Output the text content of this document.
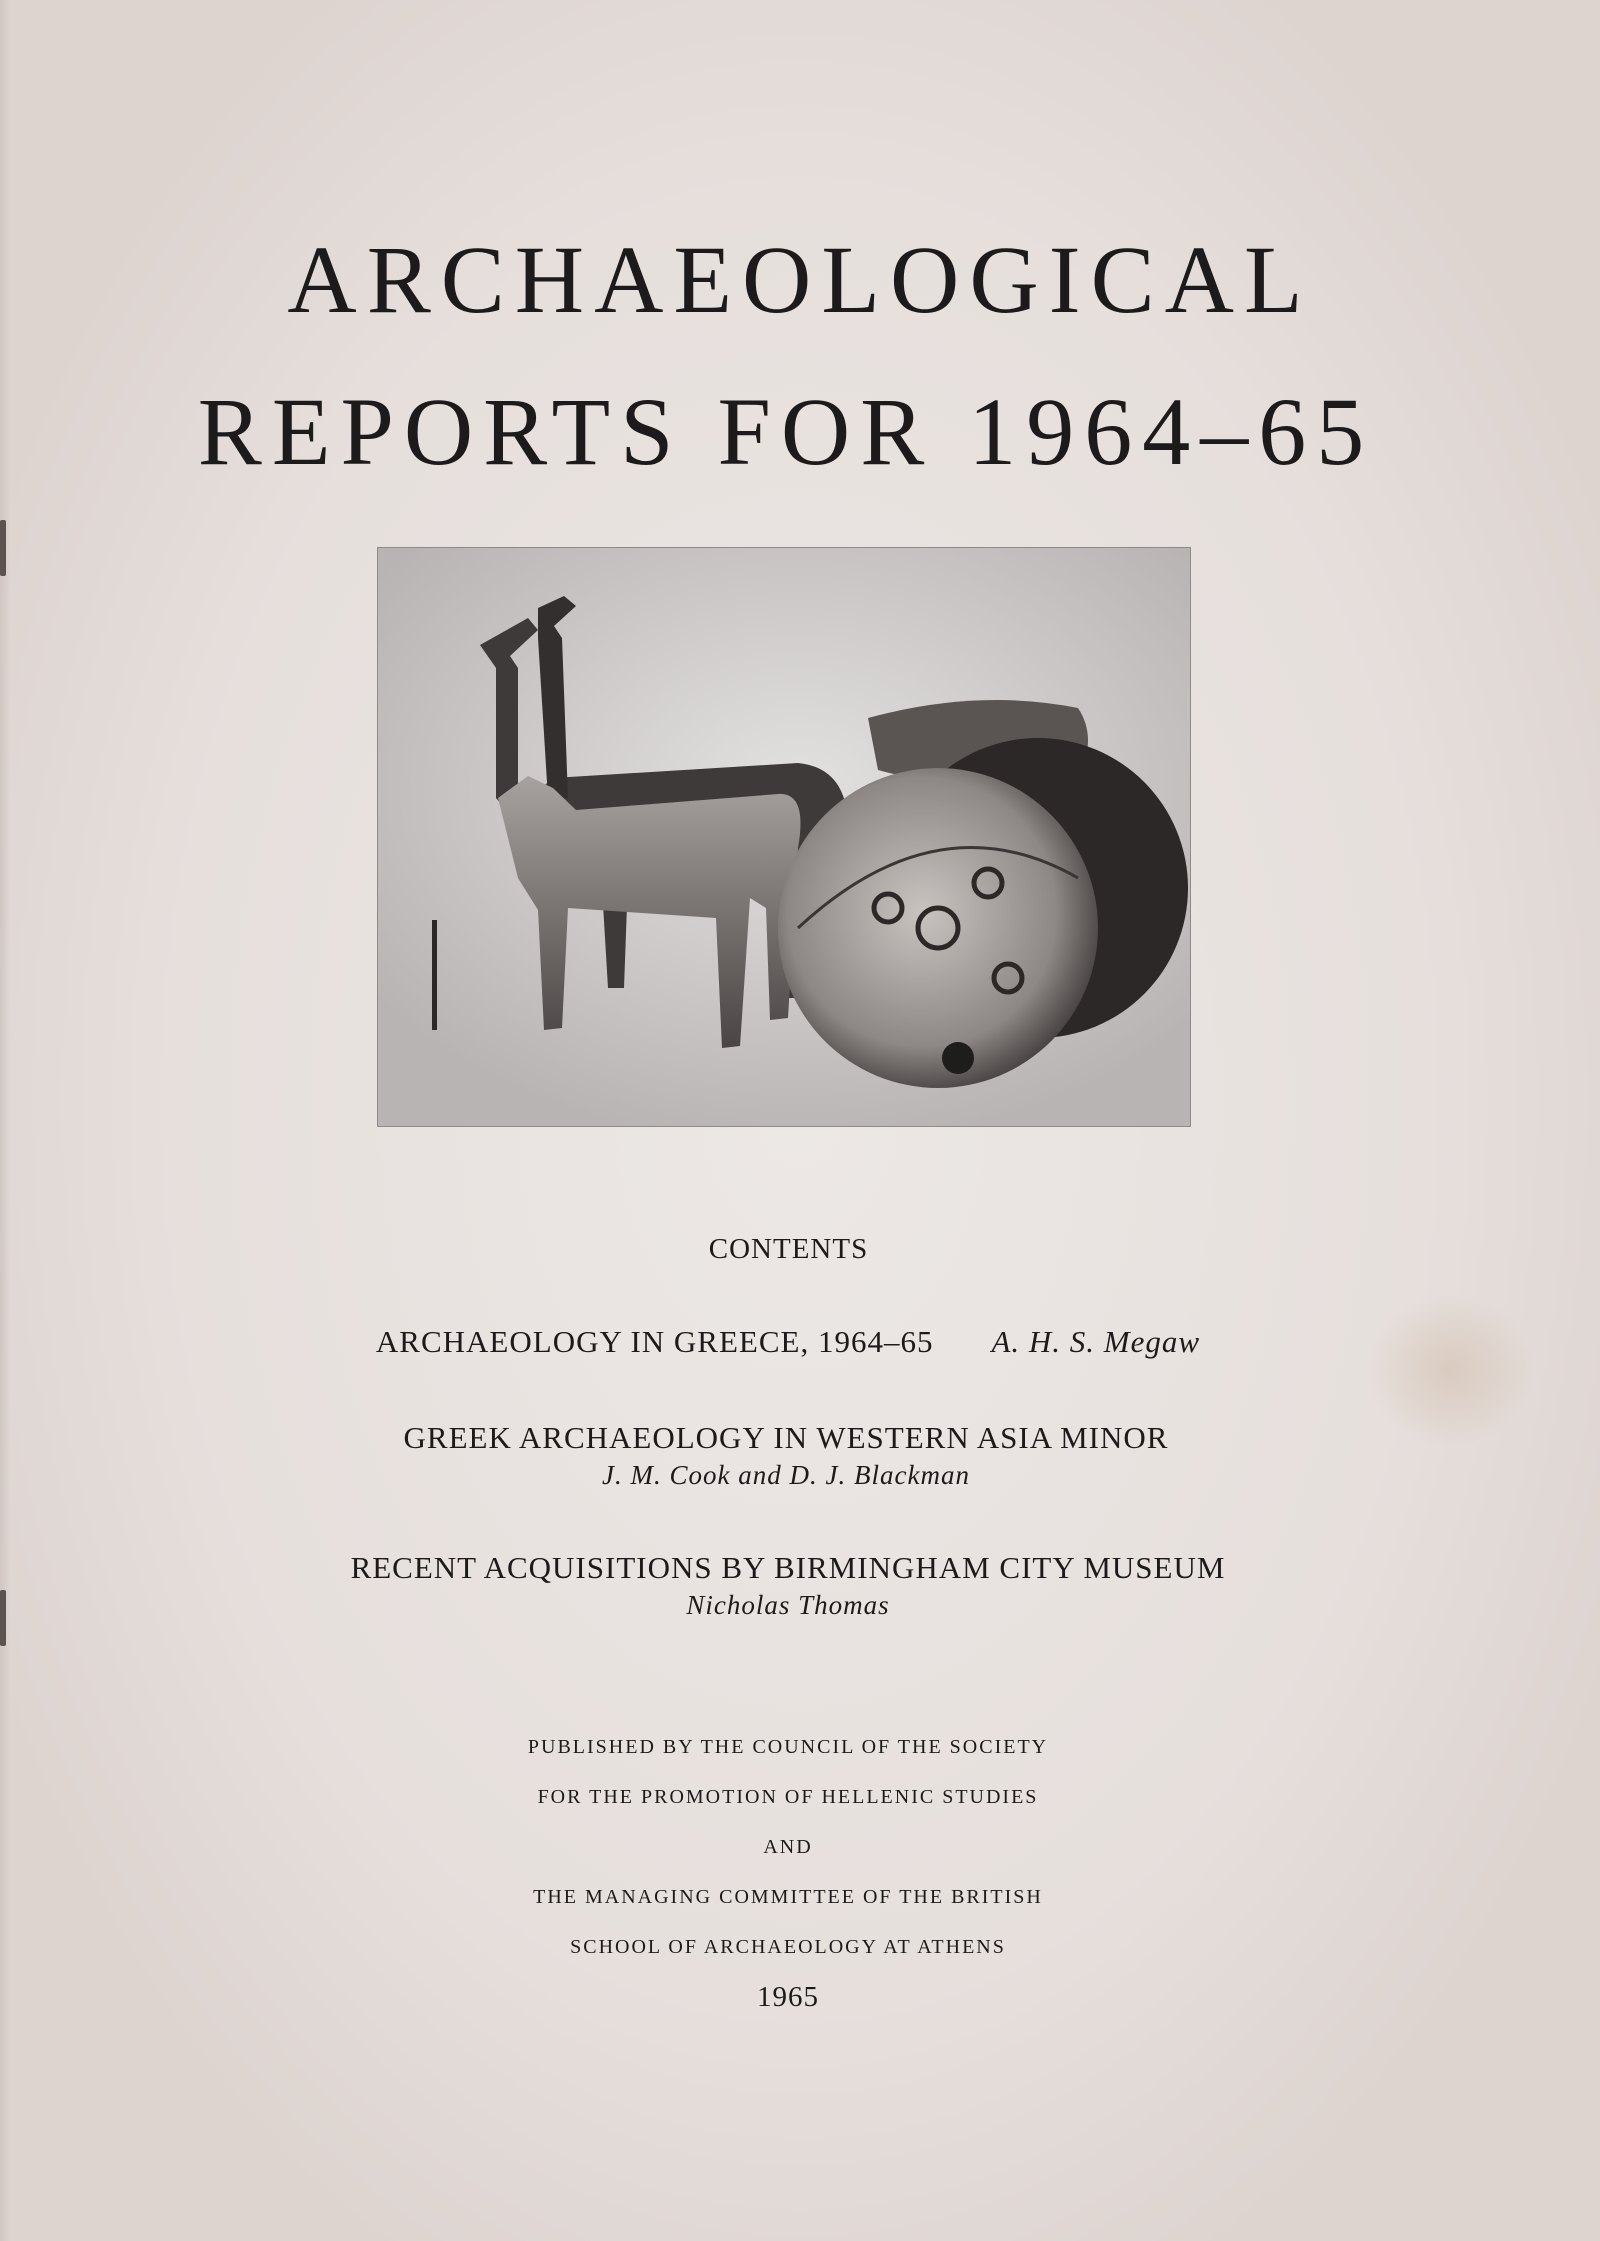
ARCHAEOLOGICAL
REPORTS FOR 1964–65
CONTENTS
ARCHAEOLOGY IN GREECE, 1964–65 A. H. S. Megaw
GREEK ARCHAEOLOGY IN WESTERN ASIA MINOR
J. M. Cook and D. J. Blackman
RECENT ACQUISITIONS BY BIRMINGHAM CITY MUSEUM
Nicholas Thomas
PUBLISHED BY THE COUNCIL OF THE SOCIETY
FOR THE PROMOTION OF HELLENIC STUDIES
AND
THE MANAGING COMMITTEE OF THE BRITISH
SCHOOL OF ARCHAEOLOGY AT ATHENS
1965
